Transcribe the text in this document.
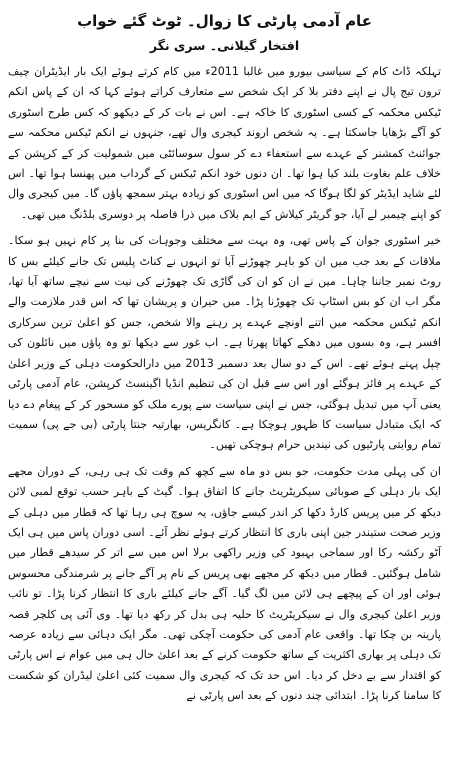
عام آدمی پارٹی کا زوال۔ ٹوٹ گئے خواب
افتخار گیلانی۔ سری نگر

تہلکہ ڈاٹ کام کے سیاسی بیورو میں غالبا 2011ء میں کام کرتے ہوئے ایک بار ایڈیٹران چیف ترون تیج پال نے اپنے دفتر بلا کر ایک شخص سے متعارف کراتے ہوئے کہا کہ ان کے پاس انکم ٹیکس محکمہ کے کسی اسٹوری کا خاکہ ہے۔ اس نے بات کر کے دیکھو کہ کس طرح اسٹوری کو آگے بڑھایا جاسکتا ہے۔ یہ شخص اروند کیجری وال تھے، جنہوں نے انکم ٹیکس محکمہ سے جوائنٹ کمشنر کے عہدے سے استعفاء دے کر سول سوسائٹی میں شمولیت کر کے کرپشن کے خلاف علم بغاوت بلند کیا ہوا تھا۔ ان دنوں خود انکم ٹیکس کے گرداب میں پھنسا ہوا تھا۔ اس لئے شاید ایڈیٹر کو لگا ہوگا کہ میں اس اسٹوری کو زیادہ بہتر سمجھ پاؤں گا۔ میں کیجری وال کو اپنے چیمبر لے آیا، جو گریٹر کیلاش کے ایم بلاک میں ذرا فاصلہ پر دوسری بلڈنگ میں تھی۔

خیر اسٹوری جوان کے پاس تھی، وہ بہت سے مختلف وجوہات کی بنا پر کام نہیں ہو سکا۔ ملاقات کے بعد جب میں ان کو باہر چھوڑنے آیا تو انہوں نے کناٹ پلیس تک جانے کیلئے بس کا روٹ نمبر جاننا چاہا۔ میں نے ان کو ان کی گاڑی تک چھوڑنے کی نیت سے نیچے ساتھ آیا تھا، مگر اب ان کو بس اسٹاپ تک چھوڑنا پڑا۔ میں حیران و پریشان تھا کہ اس قدر ملازمت والے انکم ٹیکس محکمہ میں اتنے اونچے عہدے پر رہنے والا شخص، جس کو اعلیٰ ترین سرکاری افسر ہے، وہ بسوں میں دھکے کھاتا پھرتا ہے۔ اب غور سے دیکھا تو وہ پاؤں میں نائلون کی چپل پہنے ہوئے تھے۔ اس کے دو سال بعد دسمبر 2013 میں دارالحکومت دہلی کے وزیر اعلیٰ کے عہدے پر فائز ہوگئے اور اس سے قبل ان کی تنظیم انڈیا اگینسٹ کرپشن، عام آدمی پارٹی یعنی آپ میں تبدیل ہوگئی، جس نے اپنی سیاست سے پورے ملک کو مسحور کر کے پیغام دے دیا کہ ایک متبادل سیاست کا ظہور ہوچکا ہے۔ کانگریس، بھارتیہ جنتا پارٹی (بی جے پی) سمیت تمام روایتی پارٹیوں کی نیندیں حرام ہوچکی تھیں۔

ان کی پہلی مدت حکومت، جو بس دو ماہ سے کچھ کم وقت تک ہی رہی، کے دوران مجھے ایک بار دہلی کے صوبائی سیکریٹریٹ جانے کا اتفاق ہوا۔ گیٹ کے باہر حسب توقع لمبی لائن دیکھ کر میں پریس کارڈ دکھا کر اندر کیسے جاؤں، یہ سوچ ہی رہا تھا کہ قطار میں دہلی کے وزیر صحت ستیندر جین اپنی باری کا انتظار کرتے ہوئے نظر آئے۔ اسی دوران پاس میں ہی ایک آٹو رکشہ رکا اور سماجی بہبود کی وزیر راکھی برلا اس میں سے اتر کر سیدھے قطار میں شامل ہوگئیں۔ قطار میں دیکھ کر مجھے بھی پریس کے نام پر آگے جانے پر شرمندگی محسوس ہوئی اور ان کے پیچھے ہی لائن میں لگ گیا۔ آگے جانے کیلئے باری کا انتظار کرنا پڑا۔ تو نائب وزیر اعلیٰ کیجری وال نے سیکریٹریٹ کا حلیہ ہی بدل کر رکھ دیا تھا۔ وی آئی پی کلچر قصہ پارینہ بن چکا تھا۔ واقعی عام آدمی کی حکومت آچکی تھی۔ مگر ایک دہائی سے زیادہ عرصہ تک دہلی پر بھاری اکثریت کے ساتھ حکومت کرنے کے بعد اعلیٰ حال ہی میں عوام نے اس پارٹی کو اقتدار سے بے دخل کر دیا۔ اس حد تک کہ کیجری وال سمیت کئی اعلیٰ لیڈران کو شکست کا سامنا کرنا پڑا۔ ابتدائی چند دنوں کے بعد اس پارٹی نے
